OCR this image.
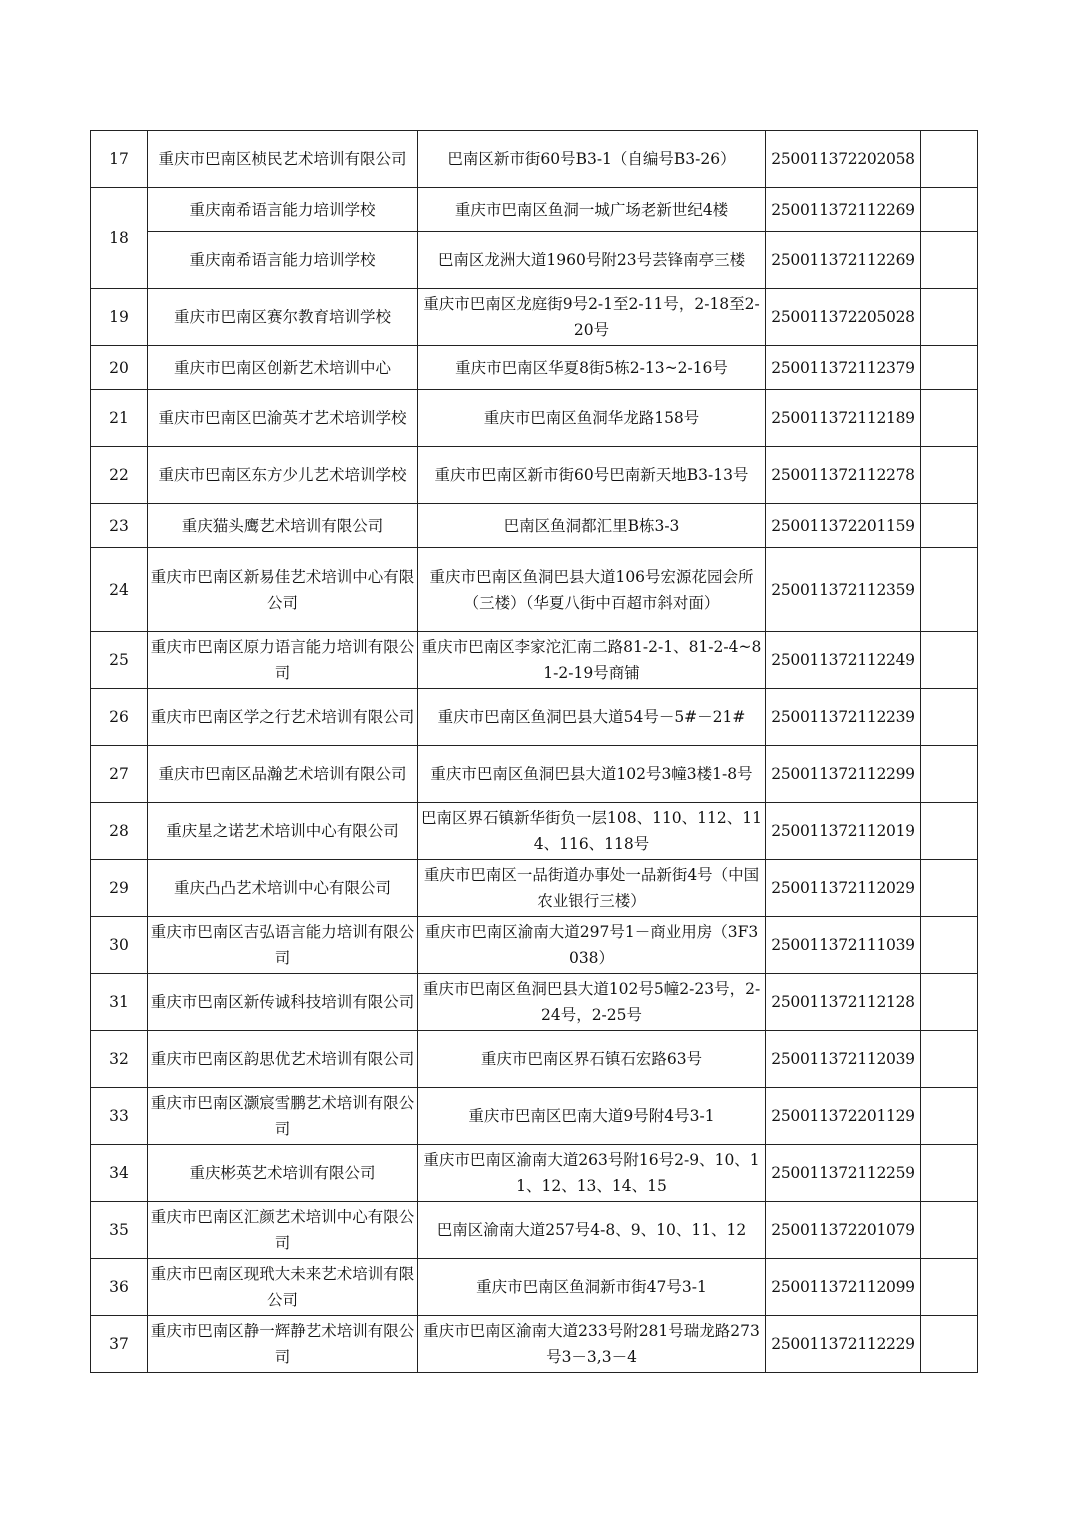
17	重庆市巴南区桢民艺术培训有限公司	巴南区新市街60号B3-1（自编号B3-26）	250011372202058	
18	重庆南希语言能力培训学校	重庆市巴南区鱼洞一城广场老新世纪4楼	250011372112269	
	重庆南希语言能力培训学校	巴南区龙洲大道1960号附23号芸锋南亭三楼	250011372112269	
19	重庆市巴南区赛尔教育培训学校	重庆市巴南区龙庭街9号2-1至2-11号，2-18至2-20号	250011372205028	
20	重庆市巴南区创新艺术培训中心	重庆市巴南区华夏8街5栋2-13~2-16号	250011372112379	
21	重庆市巴南区巴渝英才艺术培训学校	重庆市巴南区鱼洞华龙路158号	250011372112189	
22	重庆市巴南区东方少儿艺术培训学校	重庆市巴南区新市街60号巴南新天地B3-13号	250011372112278	
23	重庆猫头鹰艺术培训有限公司	巴南区鱼洞都汇里B栋3-3	250011372201159	
24	重庆市巴南区新易佳艺术培训中心有限公司	重庆市巴南区鱼洞巴县大道106号宏源花园会所（三楼）（华夏八街中百超市斜对面）	250011372112359	
25	重庆市巴南区原力语言能力培训有限公司	重庆市巴南区李家沱汇南二路81-2-1、81-2-4~81-2-19号商铺	250011372112249	
26	重庆市巴南区学之行艺术培训有限公司	重庆市巴南区鱼洞巴县大道54号－5#－21#	250011372112239	
27	重庆市巴南区品瀚艺术培训有限公司	重庆市巴南区鱼洞巴县大道102号3幢3楼1-8号	250011372112299	
28	重庆星之诺艺术培训中心有限公司	巴南区界石镇新华街负一层108、110、112、114、116、118号	250011372112019	
29	重庆凸凸艺术培训中心有限公司	重庆市巴南区一品街道办事处一品新街4号（中国农业银行三楼）	250011372112029	
30	重庆市巴南区吉弘语言能力培训有限公司	重庆市巴南区渝南大道297号1－商业用房（3F3038）	250011372111039	
31	重庆市巴南区新传诚科技培训有限公司	重庆市巴南区鱼洞巴县大道102号5幢2-23号，2-24号，2-25号	250011372112128	
32	重庆市巴南区韵思优艺术培训有限公司	重庆市巴南区界石镇石宏路63号	250011372112039	
33	重庆市巴南区灏宸雪鹏艺术培训有限公司	重庆市巴南区巴南大道9号附4号3-1	250011372201129	
34	重庆彬英艺术培训有限公司	重庆市巴南区渝南大道263号附16号2-9、10、11、12、13、14、15	250011372112259	
35	重庆市巴南区汇颜艺术培训中心有限公司	巴南区渝南大道257号4-8、9、10、11、12	250011372201079	
36	重庆市巴南区现玳大未来艺术培训有限公司	重庆市巴南区鱼洞新市街47号3-1	250011372112099	
37	重庆市巴南区静一辉静艺术培训有限公司	重庆市巴南区渝南大道233号附281号瑞龙路273号3－3,3－4	250011372112229	
